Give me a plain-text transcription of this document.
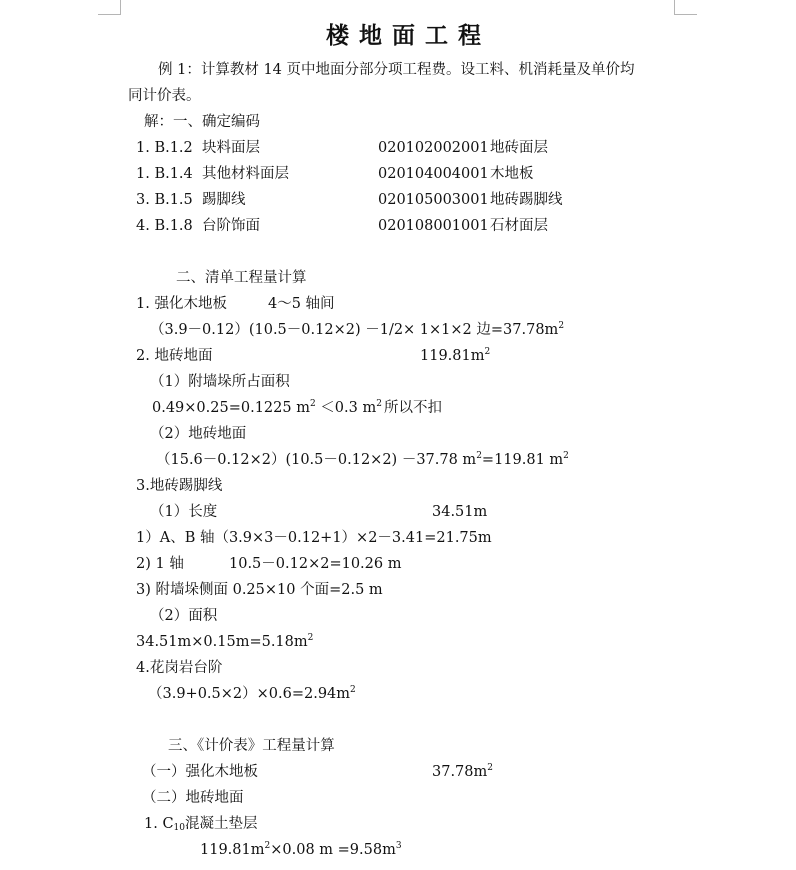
楼地面工程
例 1：计算教材 14 页中地面分部分项工程费。设工料、机消耗量及单价均
同计价表。
解：一、确定编码
1. B.1.2 块料面层	020102002001 地砖面层
1. B.1.4 其他材料面层	020104004001 木地板
3. B.1.5 踢脚线	020105003001 地砖踢脚线
4. B.1.8 台阶饰面	020108001001 石材面层
二、清单工程量计算
1. 强化木地板	4～5 轴间
（3.9－0.12）(10.5－0.12×2) －1/2× 1×1×2 边$=37.78m^2$
2. 地砖地面	$119.81m^2$
（1）附墙垛所占面积
0.49×0.25=0.1225 $m^2 <0.3$ $m^2$ 所以不扣
（2）地砖地面
（15.6－0.12×2）(10.5－0.12×2) －37.78 $m^2=119.81$ $m^2$
3.地砖踢脚线
（1）长度	34.51m
1）A、B 轴（3.9×3－0.12+1）×2－3.41=21.75m
2) 1 轴	10.5－0.12×2=10.26 m
3) 附墙垛侧面 0.25×10 个面=2.5 m
（2）面积
$34.51m\times 0.15m=5.18m^2$
4.花岗岩台阶
$(3.9+0.5\times 2)\times 0.6=2.94m^2$
三、《计价表》工程量计算
（一）强化木地板	$37.78m^2$
（二）地砖地面
1. $C_{10}$混凝土垫层
$119.81m^2\times 0.08$ $m =9.58m^3$
